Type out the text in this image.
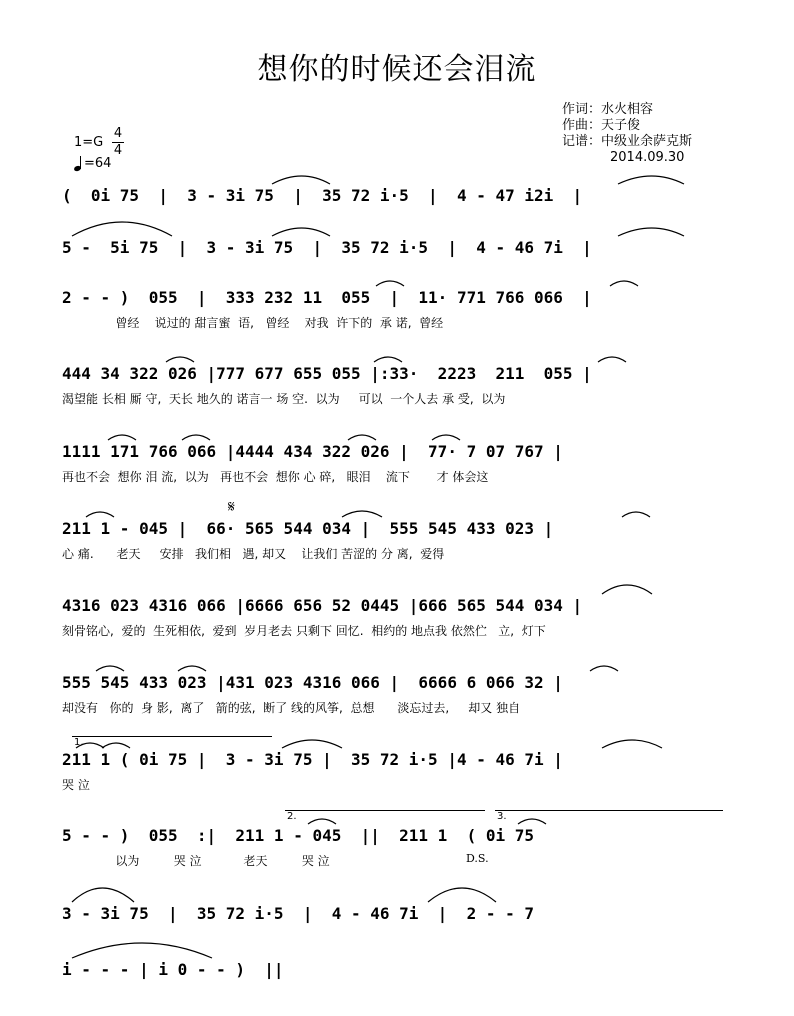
想你的时候还会泪流
作词：水火相容
作曲：天子俊
记谱：中级业余萨克斯
2014.09.30
1=G
4
4
=64
𝄋
D.S.
1.
2.	3.
(  0i 75  |  3 - 3i 75  |  35 72 i·5  |  4 - 47 i2i  |
5 -  5i 75  |  3 - 3i 75  |  35 72 i·5  |  4 - 46 7i  |
2 - - )  055  |  333 232 11  055  |  11· 771 766 066  |
曾经    说过的 甜言蜜  语,   曾经    对我  许下的  承 诺,  曾经
444 34 322 026 |777 677 655 055 |:33·  2223  211  055 |
渴望能 长相 厮 守,  天长 地久的 诺言一 场 空.  以为     可以  一个人去 承 受,  以为
1111 171 766 066 |4444 434 322 026 |  77· 7 07 767 |
再也不会  想你 泪 流,  以为   再也不会  想你 心 碎,   眼泪    流下       才 体会这
211 1 - 045 |  66· 565 544 034 |  555 545 433 023 |
心 痛.      老天     安排   我们相   遇, 却又    让我们 苦涩的 分 离,  爱得
4316 023 4316 066 |6666 656 52 0445 |666 565 544 034 |
刻骨铭心,  爱的  生死相依,  爱到  岁月老去 只剩下 回忆.  相约的 地点我 依然伫   立,  灯下
555 545 433 023 |431 023 4316 066 |  6666 6 066 32 |
却没有   你的  身 影,  离了   箭的弦,  断了 线的风筝,  总想      淡忘过去,     却又 独自
211 1 ( 0i 75 |  3 - 3i 75 |  35 72 i·5 |4 - 46 7i |
哭 泣
5 - - )  055  :|  211 1 - 045  ||  211 1  ( 0i 75
以为         哭 泣           老天         哭 泣
3 - 3i 75  |  35 72 i·5  |  4 - 46 7i  |  2 - - 7
i - - - | i 0 - - )  ||
